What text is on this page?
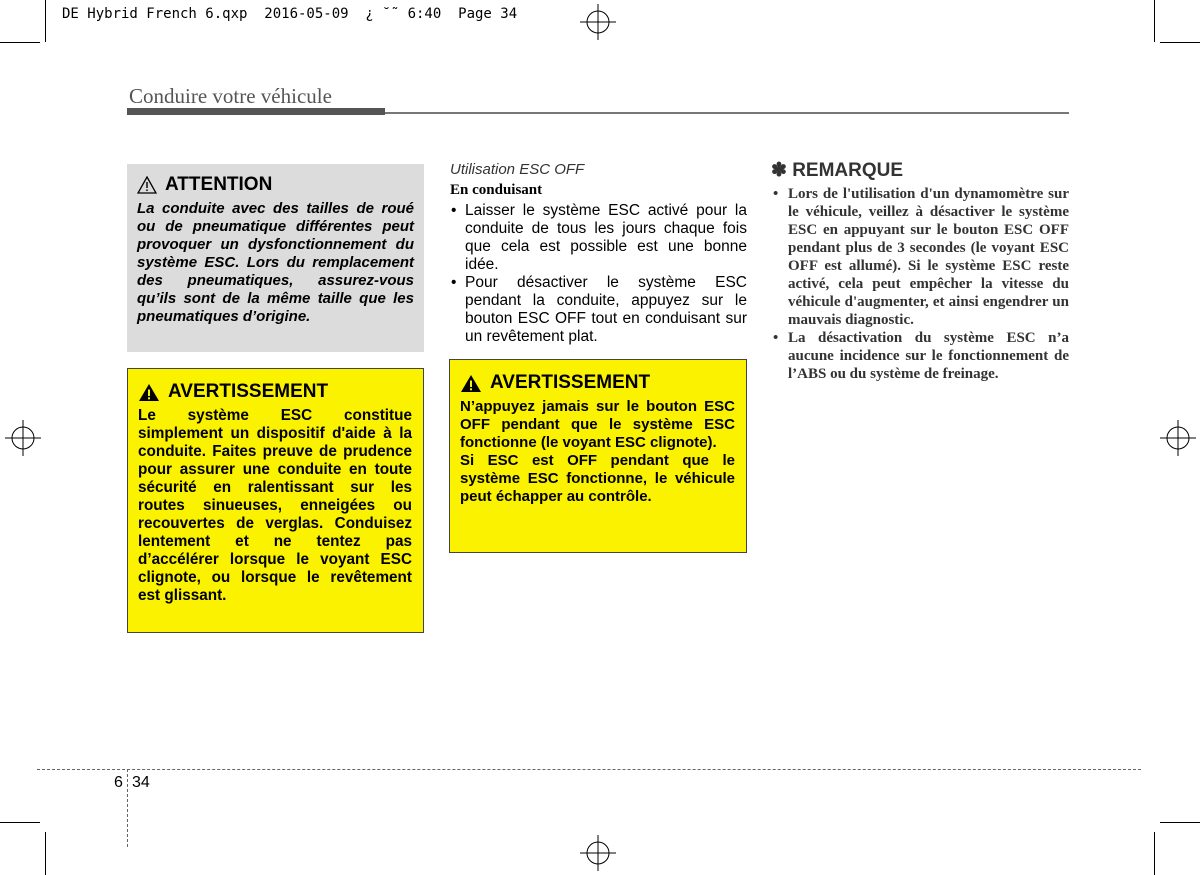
DE Hybrid French 6.qxp  2016-05-09  ¿ ˘˜ 6:40  Page 34
Conduire votre véhicule
ATTENTION
La conduite avec des tailles de roué ou de pneumatique différentes peut provoquer un dysfonctionnement du système ESC. Lors du remplacement des pneumatiques, assurez-vous qu’ils sont de la même taille que les pneumatiques d’origine.
AVERTISSEMENT
Le système ESC constitue simplement un dispositif d'aide à la conduite. Faites preuve de prudence pour assurer une conduite en toute sécurité en ralentissant sur les routes sinueuses, enneigées ou recouvertes de verglas. Conduisez lentement et ne tentez pas d’accélérer lorsque le voyant ESC clignote, ou lorsque le revêtement est glissant.
Utilisation ESC OFF
En conduisant
• Laisser le système ESC activé pour la conduite de tous les jours chaque fois que cela est possible est une bonne idée.
• Pour désactiver le système ESC pendant la conduite, appuyez sur le bouton ESC OFF tout en conduisant sur un revêtement plat.
AVERTISSEMENT
N’appuyez jamais sur le bouton ESC OFF pendant que le système ESC fonctionne (le voyant ESC clignote).
Si ESC est OFF pendant que le système ESC fonctionne, le véhicule peut échapper au contrôle.
✽ REMARQUE
• Lors de l'utilisation d'un dynamomètre sur le véhicule, veillez à désactiver le système ESC en appuyant sur le bouton ESC OFF pendant plus de 3 secondes (le voyant ESC OFF est allumé). Si le système ESC reste activé, cela peut empêcher la vitesse du véhicule d'augmenter, et ainsi engendrer un mauvais diagnostic.
• La désactivation du système ESC n’a aucune incidence sur le fonctionnement de l’ABS ou du système de freinage.
6 34
